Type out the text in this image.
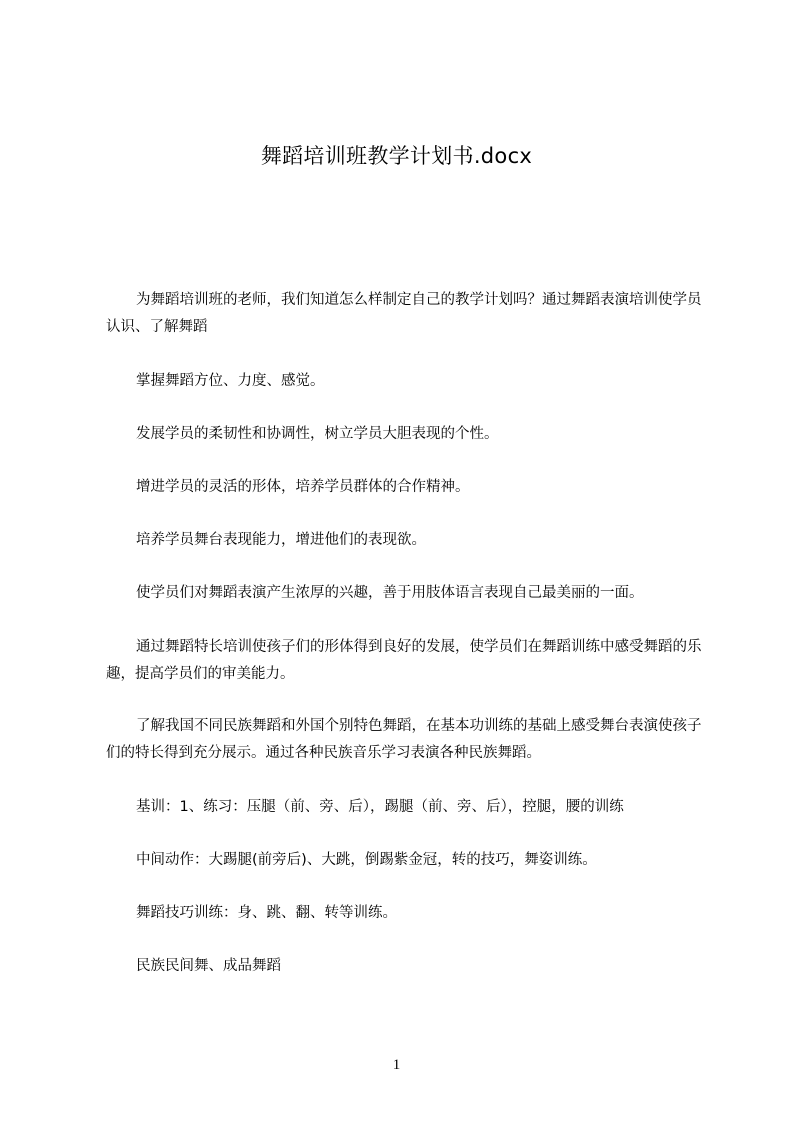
舞蹈培训班教学计划书.docx

为舞蹈培训班的老师，我们知道怎么样制定自己的教学计划吗？通过舞蹈表演培训使学员认识、了解舞蹈

掌握舞蹈方位、力度、感觉。

发展学员的柔韧性和协调性，树立学员大胆表现的个性。

增进学员的灵活的形体，培养学员群体的合作精神。

培养学员舞台表现能力，增进他们的表现欲。

使学员们对舞蹈表演产生浓厚的兴趣，善于用肢体语言表现自己最美丽的一面。

通过舞蹈特长培训使孩子们的形体得到良好的发展，使学员们在舞蹈训练中感受舞蹈的乐趣，提高学员们的审美能力。

了解我国不同民族舞蹈和外国个别特色舞蹈，在基本功训练的基础上感受舞台表演使孩子们的特长得到充分展示。通过各种民族音乐学习表演各种民族舞蹈。

基训：1、练习：压腿（前、旁、后），踢腿（前、旁、后），控腿，腰的训练

中间动作：大踢腿(前旁后)、大跳，倒踢紫金冠，转的技巧，舞姿训练。

舞蹈技巧训练：身、跳、翻、转等训练。

民族民间舞、成品舞蹈

1
